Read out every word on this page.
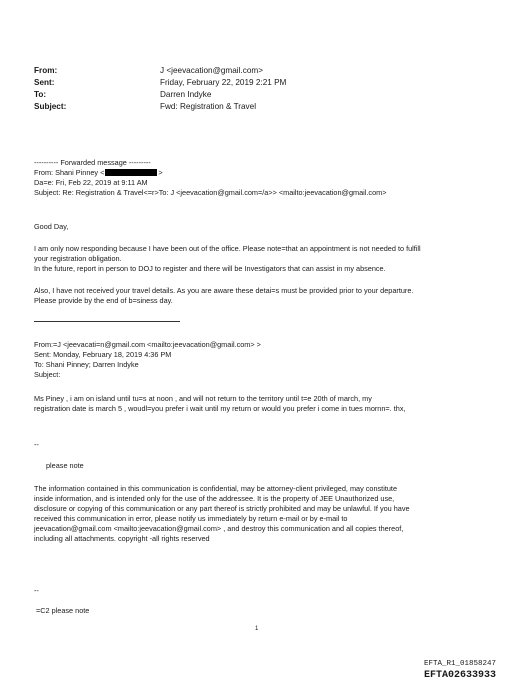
From:	J <jeevacation@gmail.com>
Sent:	Friday, February 22, 2019 2:21 PM
To:	Darren Indyke
Subject:	Fwd: Registration & Travel
---------- Forwarded message ---------
From: Shani Pinney <	>
Da=e: Fri, Feb 22, 2019 at 9:11 AM
Subject: Re: Registration & Travel<=r>To: J <jeevacation@gmail.com=/a>> <mailto:jeevacation@gmail.com>
Good Day,
I am only now responding because I have been out of the office. Please note=that an appointment is not needed to fulfill
your registration obligation.
In the future, report in person to DOJ to register and there will be Investigators that can assist in my absence.
Also, I have not received your travel details. As you are aware these detai=s must be provided prior to your departure.
Please provide by the end of b=siness day.
From:=J <jeevacati=n@gmail.com <mailto:jeevacation@gmail.com> >
Sent: Monday, February 18, 2019 4:36 PM
To: Shani Pinney; Darren Indyke
Subject:
Ms Piney , i am on island until tu=s at noon , and will not return to the territory until t=e 20th of march, my
registration date is march 5 , woudl=you prefer i wait until my return or would you prefer i come in tues mornn=. thx,
--
please note
The information contained in this communication is confidential, may be attorney-client privileged, may constitute
inside information, and is intended only for the use of the addressee. It is the property of JEE Unauthorized use,
disclosure or copying of this communication or any part thereof is strictly prohibited and may be unlawful. If you have
received this communication in error, please notify us immediately by return e-mail or by e-mail to
jeevacation@gmail.com <mailto:jeevacation@gmail.com> , and destroy this communication and all copies thereof,
including all attachments. copyright -all rights reserved
--
=C2 please note
1
EFTA_R1_01858247
EFTA02633933
